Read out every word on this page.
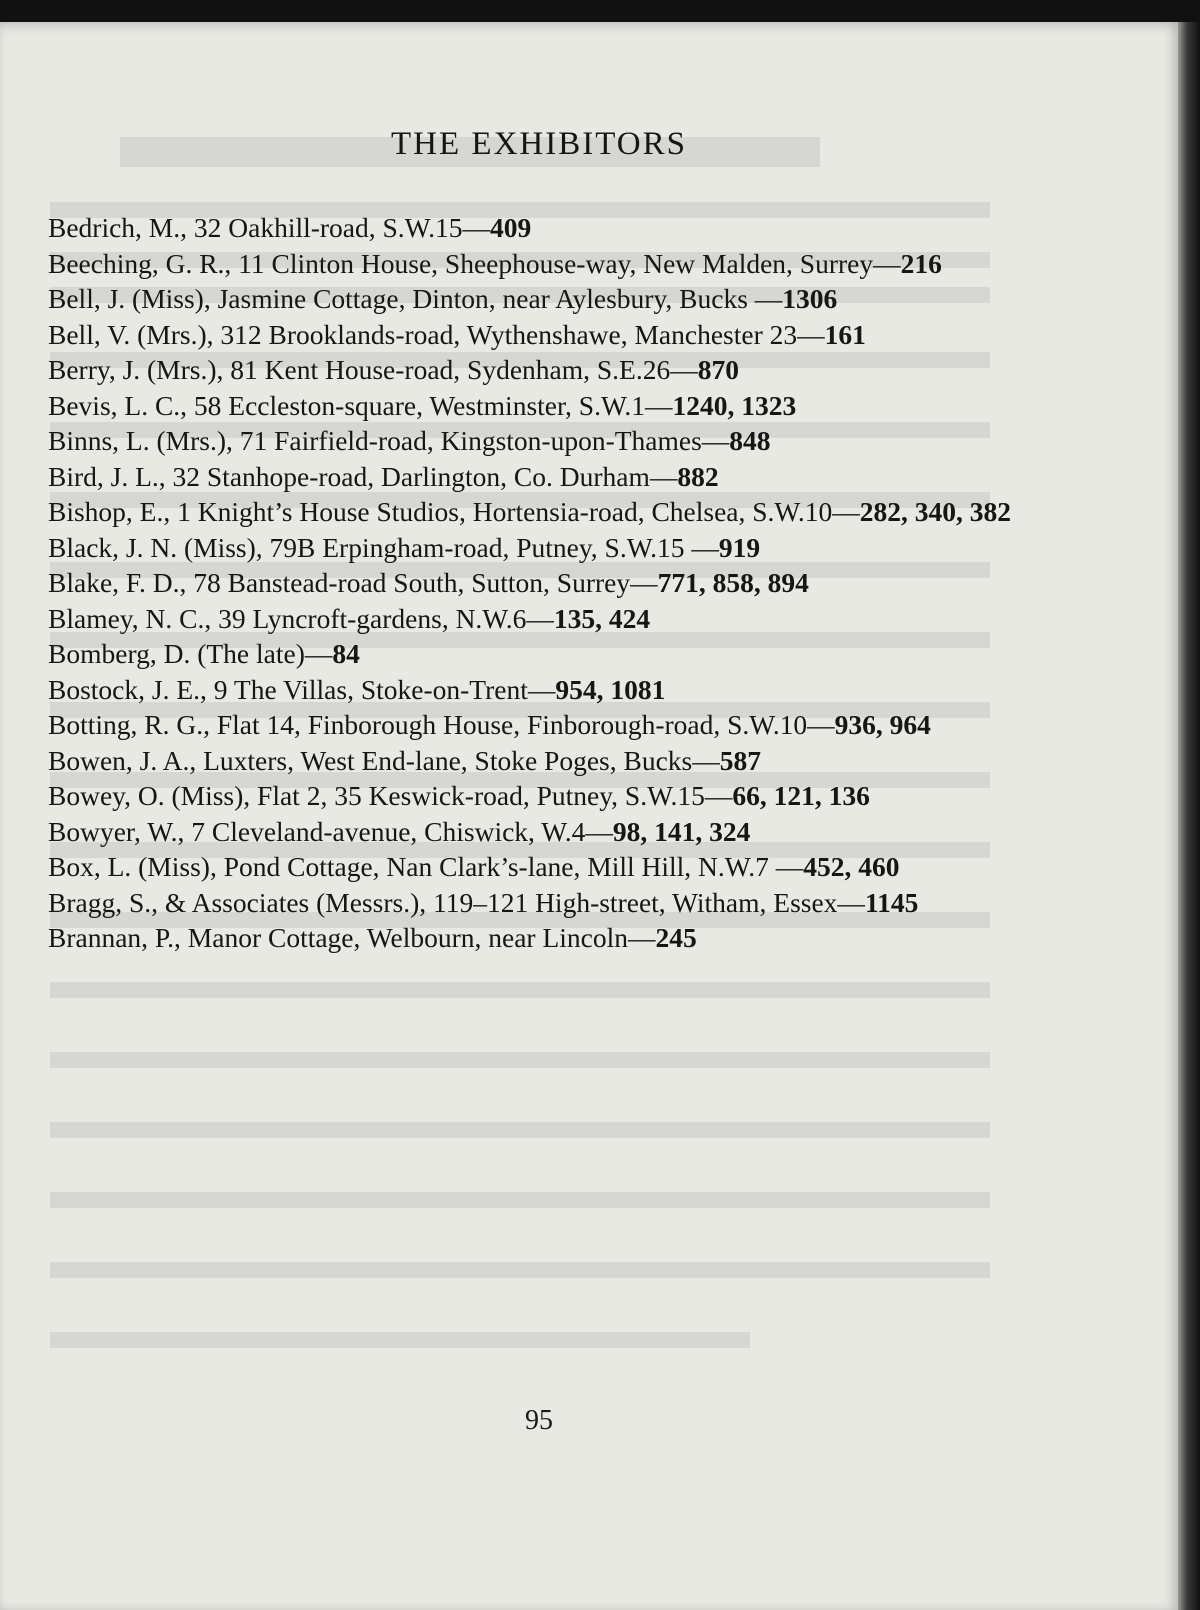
THE EXHIBITORS
Bedrich, M., 32 Oakhill-road, S.W.15—409
Beeching, G. R., 11 Clinton House, Sheephouse-way, New Malden, Surrey—216
Bell, J. (Miss), Jasmine Cottage, Dinton, near Aylesbury, Bucks —1306
Bell, V. (Mrs.), 312 Brooklands-road, Wythenshawe, Manchester 23—161
Berry, J. (Mrs.), 81 Kent House-road, Sydenham, S.E.26—870
Bevis, L. C., 58 Eccleston-square, Westminster, S.W.1—1240, 1323
Binns, L. (Mrs.), 71 Fairfield-road, Kingston-upon-Thames—848
Bird, J. L., 32 Stanhope-road, Darlington, Co. Durham—882
Bishop, E., 1 Knight’s House Studios, Hortensia-road, Chelsea, S.W.10—282, 340, 382
Black, J. N. (Miss), 79B Erpingham-road, Putney, S.W.15 —919
Blake, F. D., 78 Banstead-road South, Sutton, Surrey—771, 858, 894
Blamey, N. C., 39 Lyncroft-gardens, N.W.6—135, 424
Bomberg, D. (The late)—84
Bostock, J. E., 9 The Villas, Stoke-on-Trent—954, 1081
Botting, R. G., Flat 14, Finborough House, Finborough-road, S.W.10—936, 964
Bowen, J. A., Luxters, West End-lane, Stoke Poges, Bucks—587
Bowey, O. (Miss), Flat 2, 35 Keswick-road, Putney, S.W.15—66, 121, 136
Bowyer, W., 7 Cleveland-avenue, Chiswick, W.4—98, 141, 324
Box, L. (Miss), Pond Cottage, Nan Clark’s-lane, Mill Hill, N.W.7 —452, 460
Bragg, S., & Associates (Messrs.), 119–121 High-street, Witham, Essex—1145
Brannan, P., Manor Cottage, Welbourn, near Lincoln—245
95
